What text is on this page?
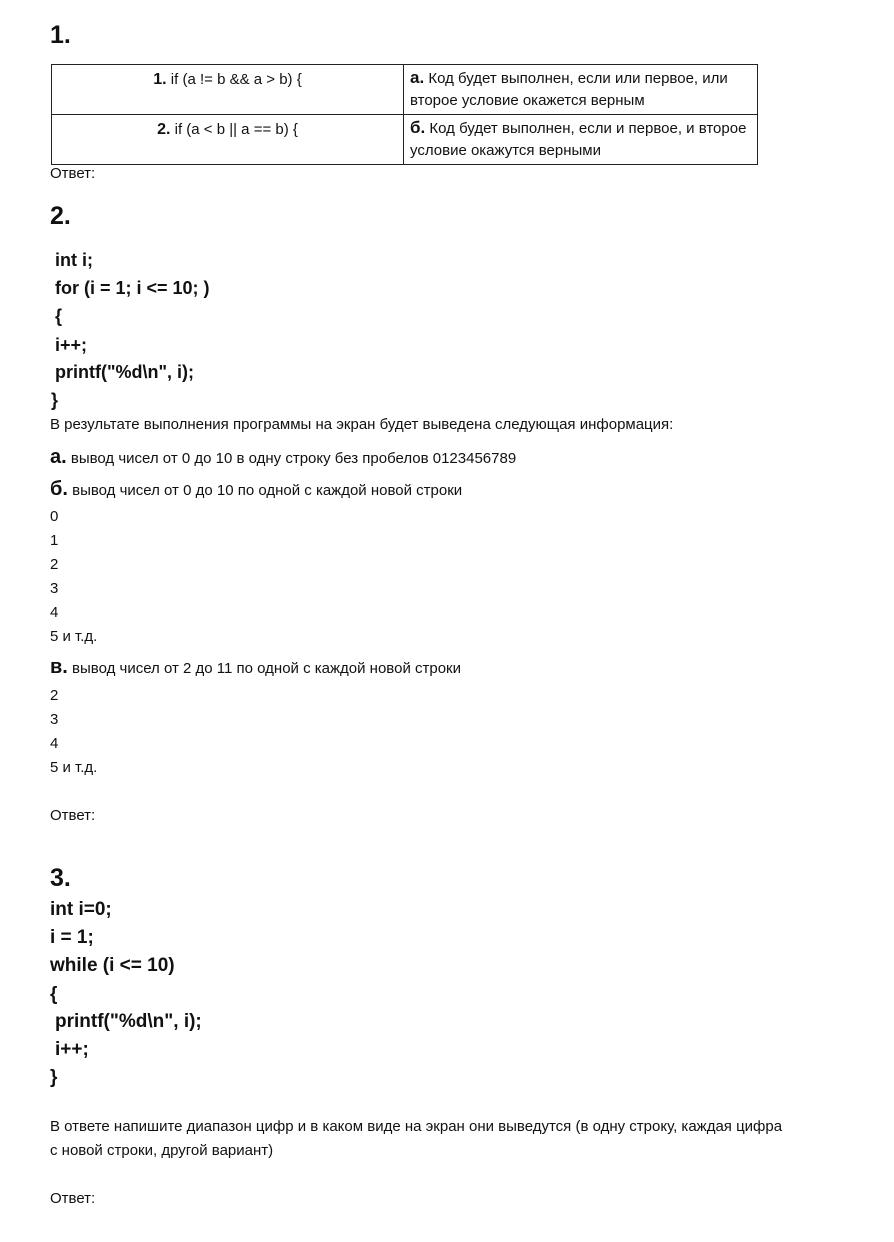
1.
1. if (a != b && a > b) {	а. Код будет выполнен, если или первое, или второе условие окажется верным
2. if (a < b || a == b) {	б. Код будет выполнен, если и первое, и второе условие окажутся верными
Ответ:
2.
int i;
for (i = 1; i <= 10; )
{
i++;
printf("%d\n", i);
}
В результате выполнения программы на экран будет выведена следующая информация:
а. вывод чисел от 0 до 10 в одну строку без пробелов 0123456789
б. вывод чисел от 0 до 10 по одной с каждой новой строки
0
1
2
3
4
5 и т.д.
в. вывод чисел от 2 до 11 по одной с каждой новой строки
2
3
4
5 и т.д.
Ответ:
3.
int i=0;
i = 1;
while (i <= 10)
{
printf("%d\n", i);
i++;
}
В ответе напишите диапазон цифр и в каком виде на экран они выведутся (в одну строку, каждая цифра
с новой строки, другой вариант)
Ответ:
